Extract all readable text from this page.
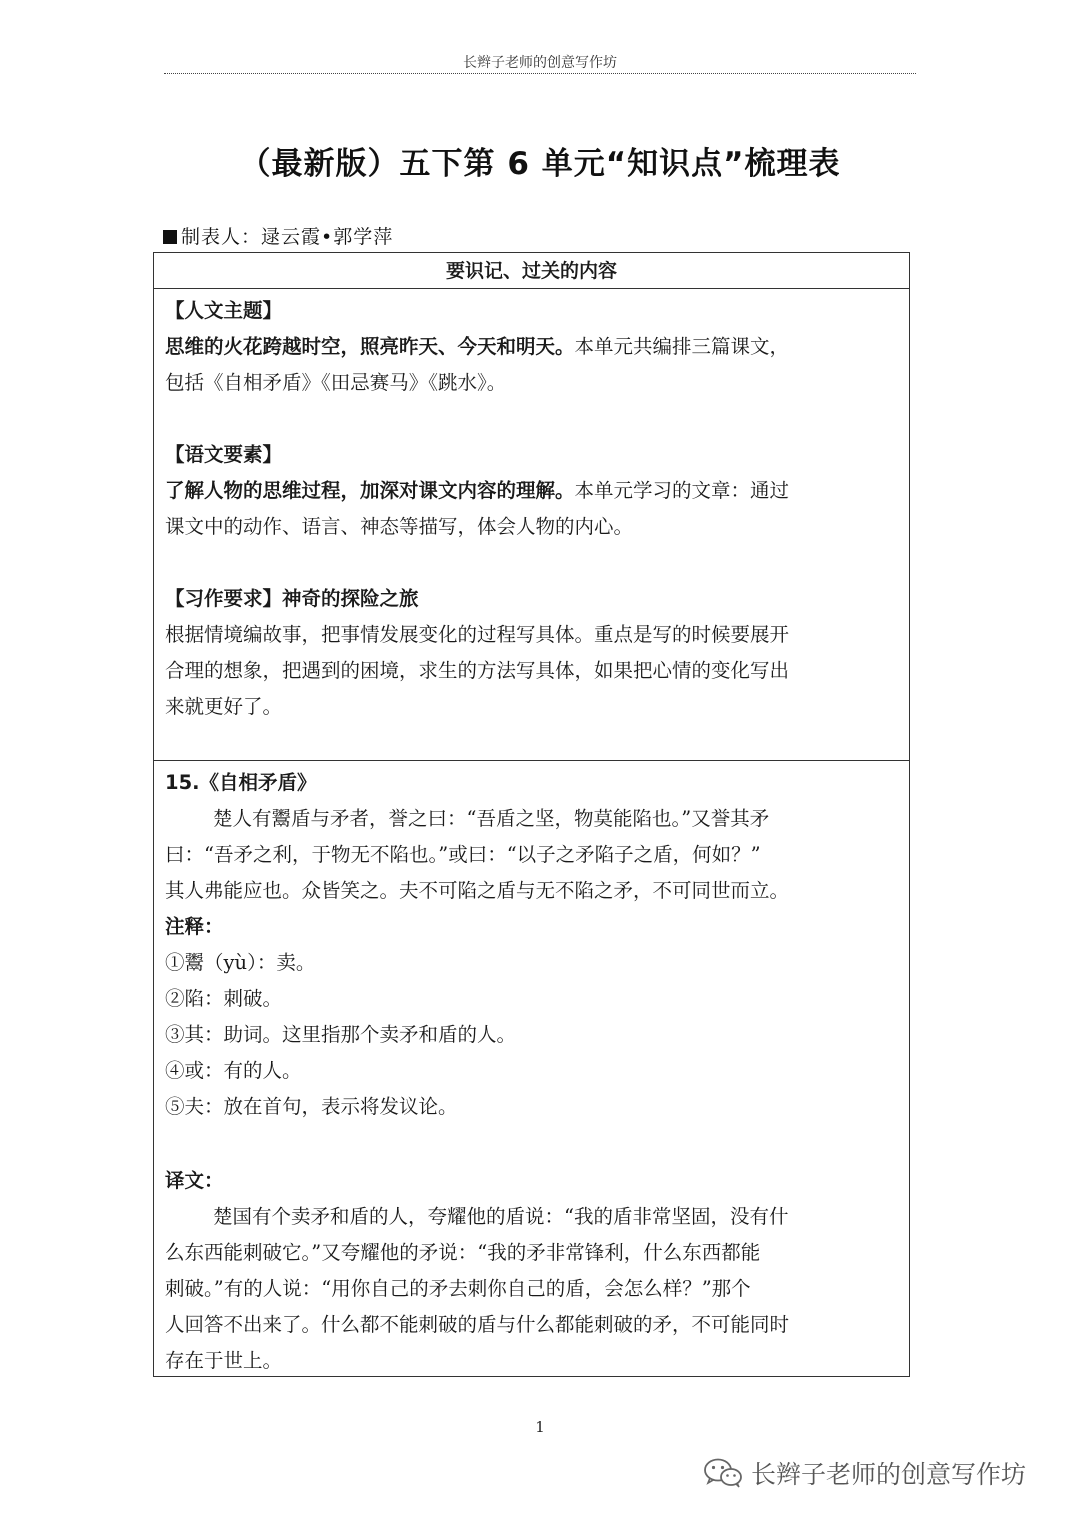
长辫子老师的创意写作坊
（最新版）五下第 6 单元“知识点”梳理表
制表人：逯云霞•郭学萍
要识记、过关的内容
【人文主题】
思维的火花跨越时空，照亮昨天、今天和明天。本单元共编排三篇课文，
包括《自相矛盾》《田忌赛马》《跳水》。
【语文要素】
了解人物的思维过程，加深对课文内容的理解。本单元学习的文章：通过
课文中的动作、语言、神态等描写，体会人物的内心。
【习作要求】神奇的探险之旅
根据情境编故事，把事情发展变化的过程写具体。重点是写的时候要展开
合理的想象，把遇到的困境，求生的方法写具体，如果把心情的变化写出
来就更好了。
15.《自相矛盾》
楚人有鬻盾与矛者，誉之曰：“吾盾之坚，物莫能陷也。”又誉其矛
曰：“吾矛之利，于物无不陷也。”或曰：“以子之矛陷子之盾，何如？”
其人弗能应也。众皆笑之。夫不可陷之盾与无不陷之矛，不可同世而立。
注释：
①鬻（yù）：卖。
②陷：刺破。
③其：助词。这里指那个卖矛和盾的人。
④或：有的人。
⑤夫：放在首句，表示将发议论。
译文：
楚国有个卖矛和盾的人，夸耀他的盾说：“我的盾非常坚固，没有什
么东西能刺破它。”又夸耀他的矛说：“我的矛非常锋利，什么东西都能
刺破。”有的人说：“用你自己的矛去刺你自己的盾，会怎么样？”那个
人回答不出来了。什么都不能刺破的盾与什么都能刺破的矛，不可能同时
存在于世上。
1
长辫子老师的创意写作坊
